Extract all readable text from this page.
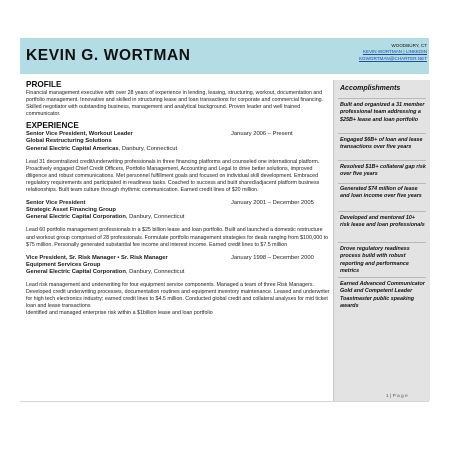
KEVIN G. WORTMAN
WOODBURY, CT
KEVIN WORTMAN | LINKEDIN
KGWORTMAN@CHARTER.NET
PROFILE

Financial management executive with over 28 years of experience in lending, leasing, structuring, workout, documentation and portfolio management. Innovative and skilled in structuring lease and loan transactions for corporate and commercial financing. Skilled negotiator with outstanding business, management and analytical background. Proven leader and well trained communicator.

EXPERIENCE
Senior Vice President, Workout Leader	January 2006 – Present
Global Restructuring Solutions
General Electric Capital Americas, Danbury, Connecticut

Lead 31 decentralized credit/underwriting professionals in three financing platforms and counseled one international platform. Proactively engaged Chief Credit Officers, Portfolio Management, Accounting and Legal to drive better solutions, improved diligence and robust communications. Met personnel fulfillment goals and focused on individual skill development. Embraced regulatory requirements and participated in readiness tasks. Coached to success and built shared/adjacent platform business relationships. Built team culture through rhythmic communication. Earned credit lines of $20 million.

Senior Vice President	January 2001 – December 2005
Strategic Asset Financing Group
General Electric Capital Corporation, Danbury, Connecticut

Lead 60 portfolio management professionals in a $25 billion lease and loan portfolio. Built and launched a domestic restructure and workout group comprised of 28 professionals. Formulate portfolio management strategies for deals ranging from $100,000 to $75 million. Personally generated substantial fee income and interest income. Earned credit lines to $7.5 million

Vice President, Sr. Risk Manager • Sr. Risk Manager	January 1998 – December 2000
Equipment Services Group
General Electric Capital Corporation, Danbury, Connecticut

Lead risk management and underwriting for four equipment service components. Managed a team of three Risk Managers. Developed credit underwriting processes, documentation routines and equipment inventory maintenance. Leased and underwriter for high tech electronics industry; earned credit lines to $4.5 million. Conducted global credit and collateral analyses for mid ticket loan and lease transactions

Identified and managed enterprise risk within a $1billion lease and loan portfolio

Accomplishments
Built and organized a 31 member professional team addressing a $25B+ lease and loan portfolio
Engaged $6B+ of loan and lease transactions over five years
Resolved $1B+ collateral gap risk over five years
Generated $74 million of lease and loan income over five years
Developed and mentored 10+ risk lease and loan professionals
Drove regulatory readiness process build with robust reporting and performance metrics
Earned Advanced Communicator Gold and Competent Leader Toastmaster public speaking awards
1 | P a g e
